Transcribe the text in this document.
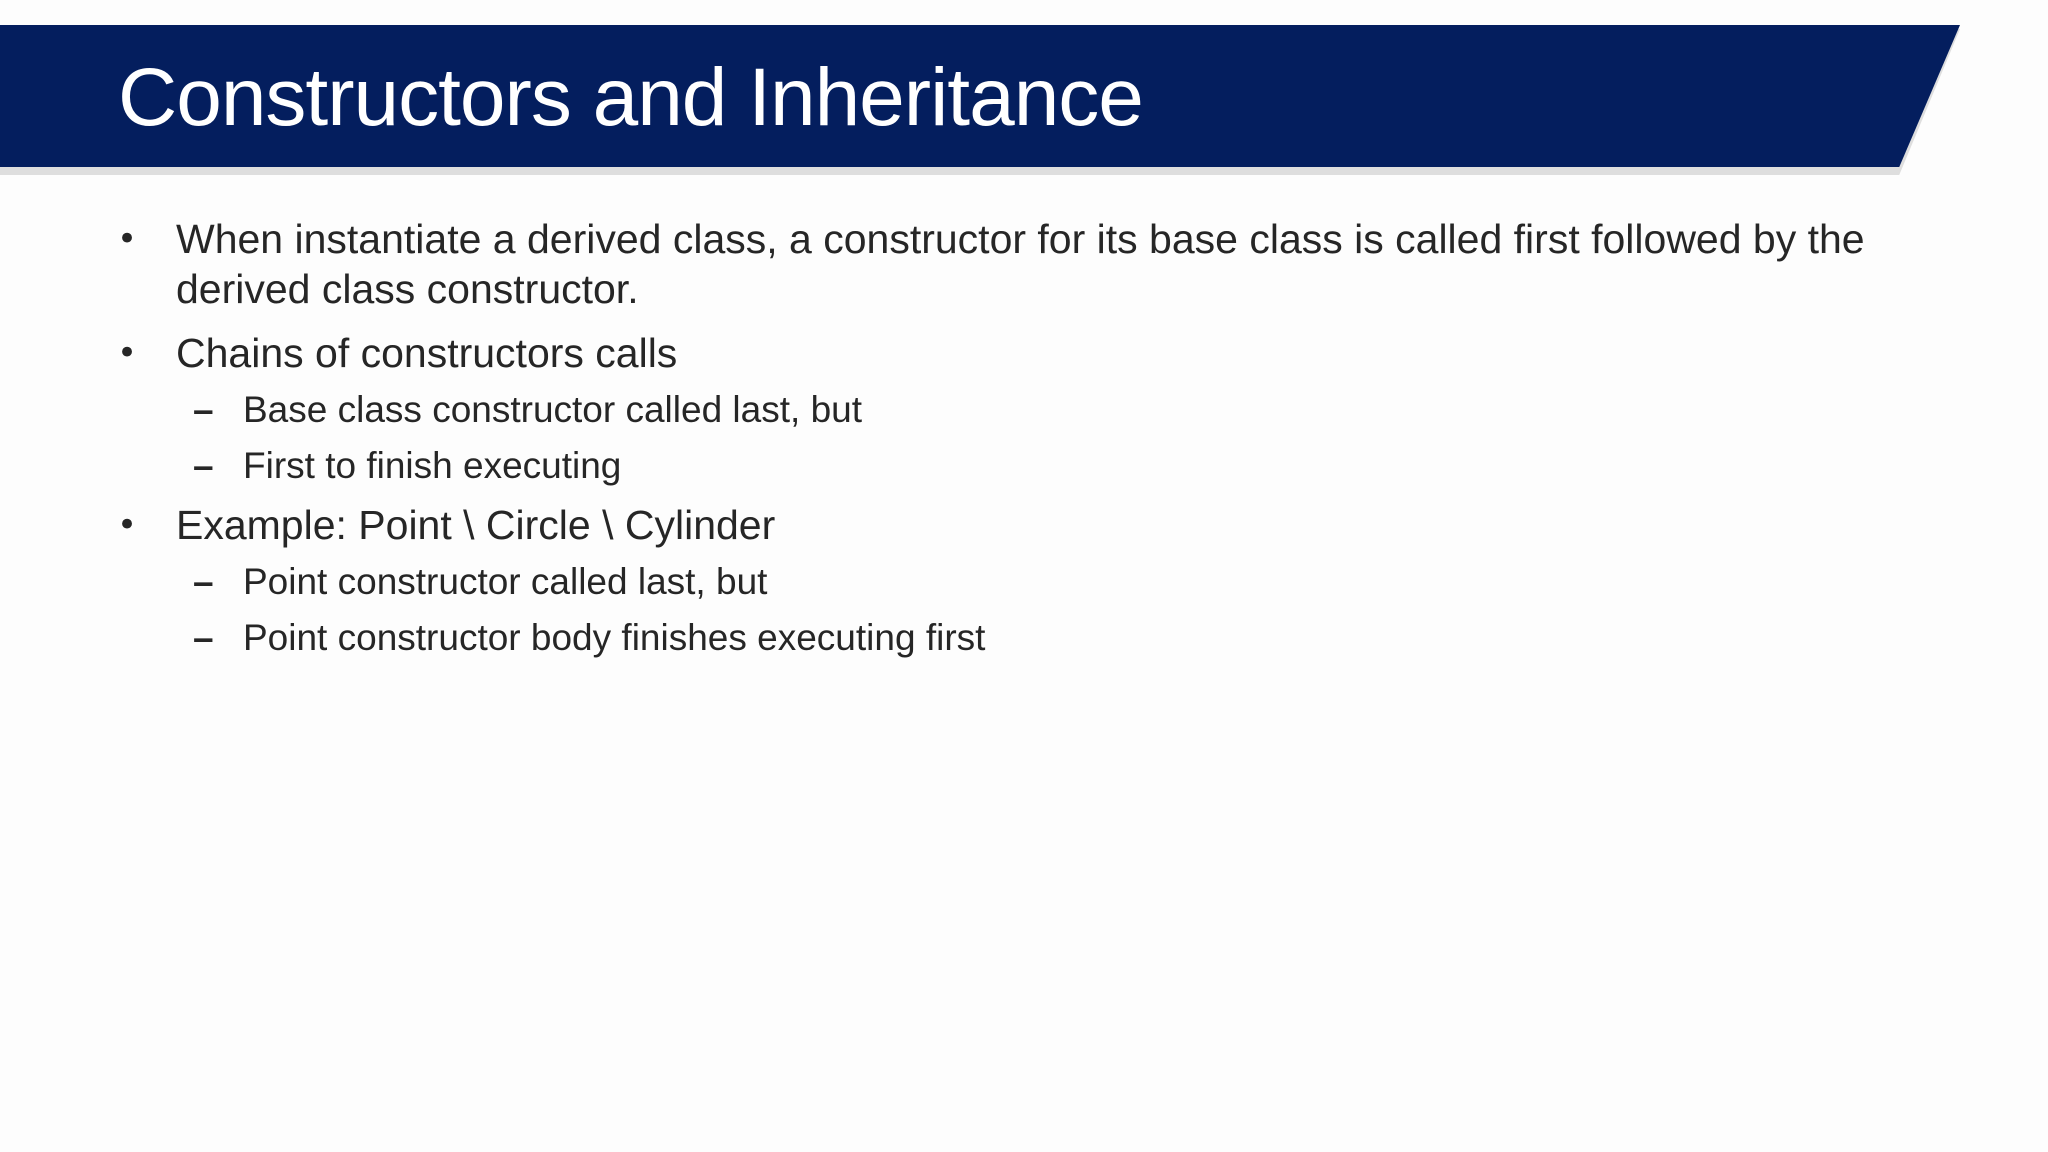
Constructors and Inheritance
• When instantiate a derived class, a constructor for its base class is called first followed by the derived class constructor.
• Chains of constructors calls
– Base class constructor called last, but
– First to finish executing
• Example: Point \ Circle \ Cylinder
– Point constructor called last, but
– Point constructor body finishes executing first
